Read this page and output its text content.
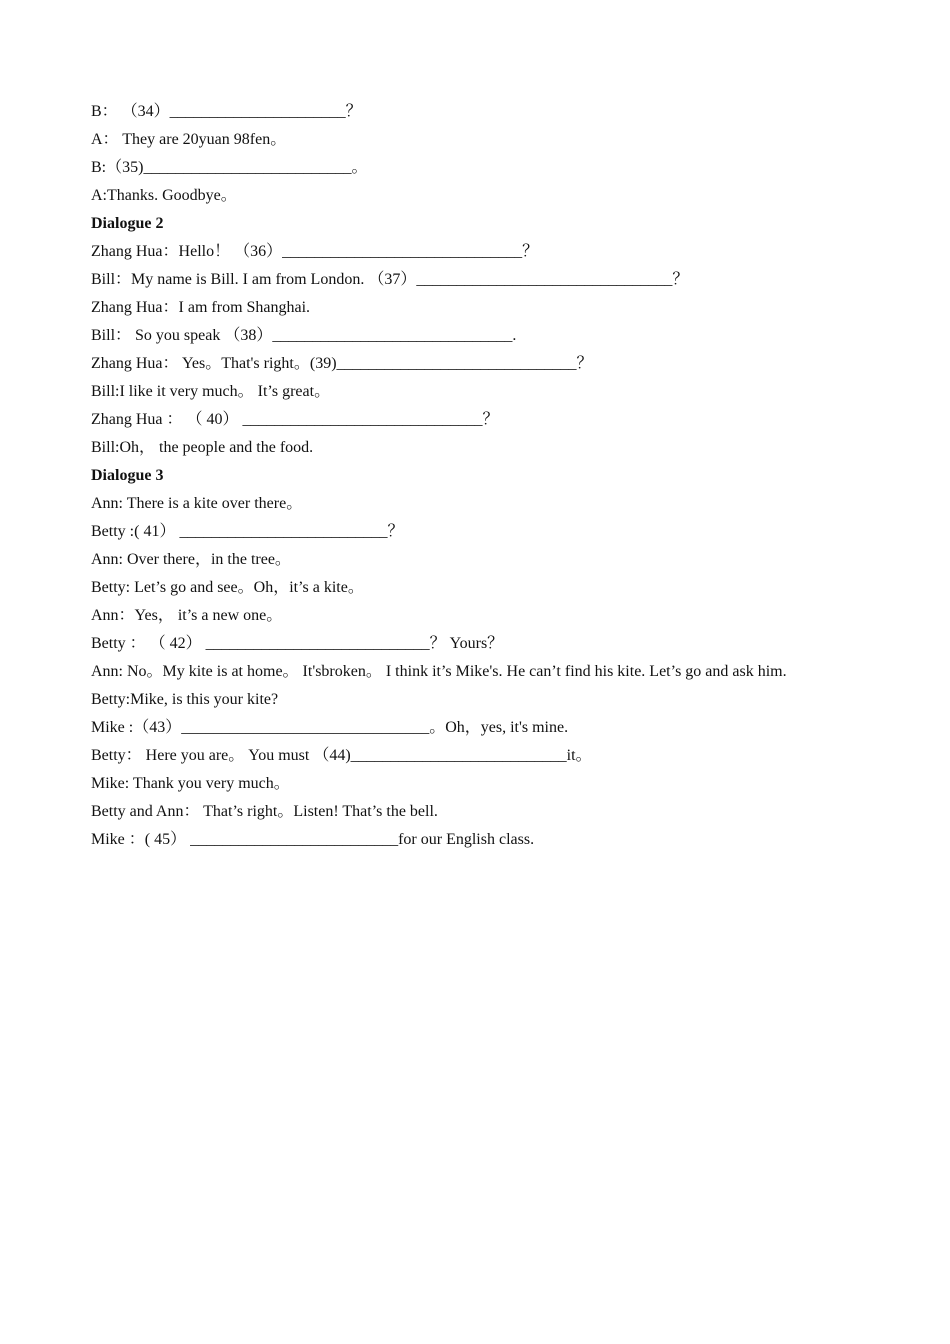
B： （34）______________________？
A： They are 20yuan 98fen。
B:（35)__________________________。
A:Thanks. Goodbye。
Dialogue 2
Zhang Hua：Hello！ （36）______________________________？
Bill：My name is Bill. I am from London. （37）________________________________？
Zhang Hua：I am from Shanghai.
Bill： So you speak （38）______________________________.
Zhang Hua： Yes。That's right。(39)______________________________？
Bill:I like it very much。 It’s great。
Zhang Hua ： （ 40） ______________________________？
Bill:Oh， the people and the food.
Dialogue 3
Ann: There is a kite over there。
Betty :( 41） __________________________？
Ann: Over there，in the tree。
Betty: Let’s go and see。Oh，it’s a kite。
Ann：Yes， it’s a new one。
Betty ： （ 42） ____________________________？ Yours？
Ann: No。My kite is at home。 It'sbroken。 I think it’s Mike's. He can’t find his kite. Let’s go and ask him.
Betty:Mike, is this your kite?
Mike :（43）_______________________________。Oh，yes, it's mine.
Betty： Here you are。 You must （44)___________________________it。
Mike: Thank you very much。
Betty and Ann： That’s right。Listen! That’s the bell.
Mike ：( 45） __________________________for our English class.
